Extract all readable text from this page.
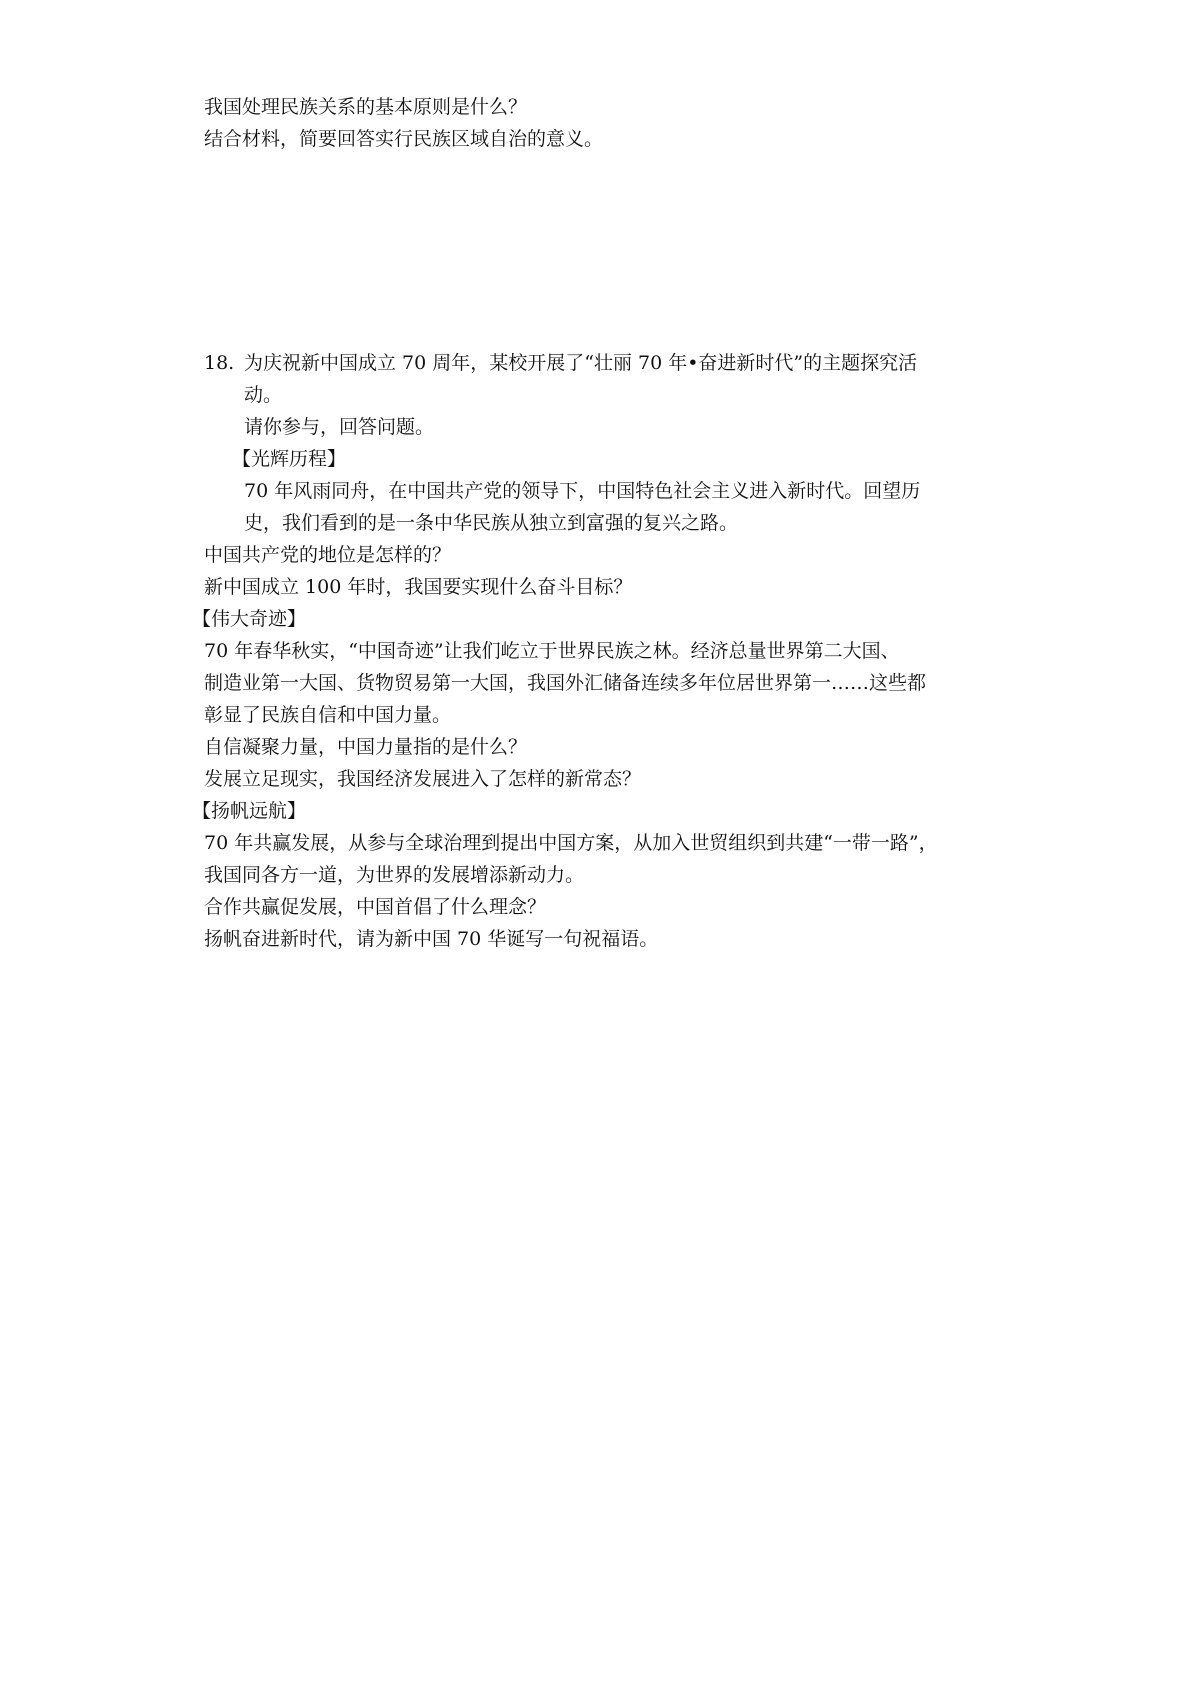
我国处理民族关系的基本原则是什么？
结合材料，简要回答实行民族区域自治的意义。
18. 为庆祝新中国成立 70 周年，某校开展了“壮丽 70 年•奋进新时代”的主题探究活
动。
请你参与，回答问题。
【光辉历程】
70 年风雨同舟，在中国共产党的领导下，中国特色社会主义进入新时代。回望历
史，我们看到的是一条中华民族从独立到富强的复兴之路。
中国共产党的地位是怎样的？
新中国成立 100 年时，我国要实现什么奋斗目标？
【伟大奇迹】
70 年春华秋实，“中国奇迹”让我们屹立于世界民族之林。经济总量世界第二大国、
制造业第一大国、货物贸易第一大国，我国外汇储备连续多年位居世界第一……这些都
彰显了民族自信和中国力量。
自信凝聚力量，中国力量指的是什么？
发展立足现实，我国经济发展进入了怎样的新常态？
【扬帆远航】
70 年共赢发展，从参与全球治理到提出中国方案，从加入世贸组织到共建“一带一路”，
我国同各方一道，为世界的发展增添新动力。
合作共赢促发展，中国首倡了什么理念？
扬帆奋进新时代，请为新中国 70 华诞写一句祝福语。
